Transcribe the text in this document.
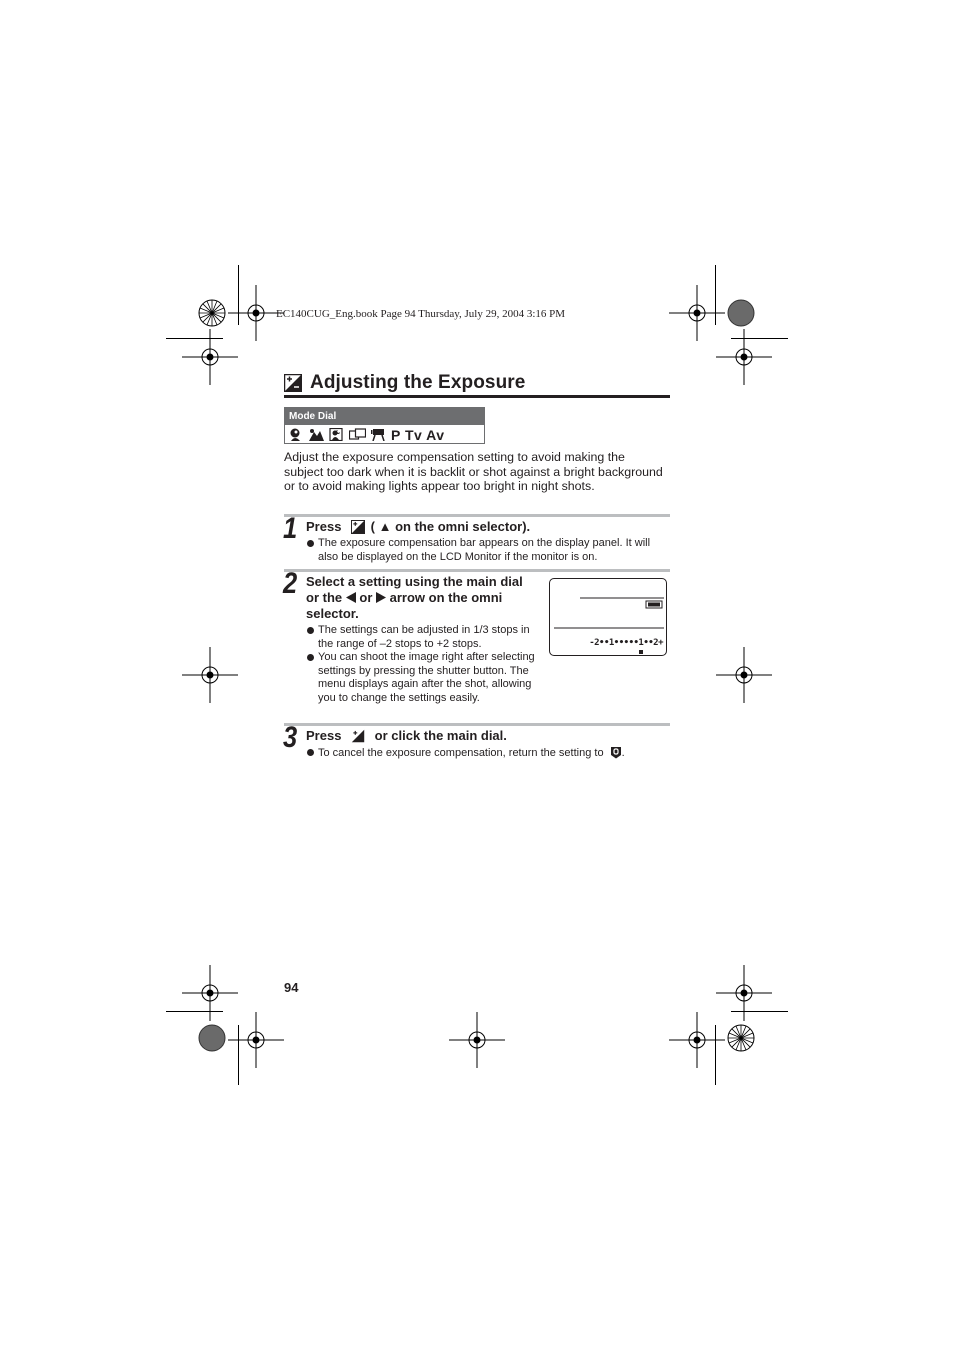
EC140CUG_Eng.book Page 94 Thursday, July 29, 2004 3:16 PM
Adjusting the Exposure
Mode Dial
P Tv Av
Adjust the exposure compensation setting to avoid making the subject too dark when it is backlit or shot against a bright background or to avoid making lights appear too bright in night shots.
1 Press ( ▲ on the omni selector).
The exposure compensation bar appears on the display panel. It will also be displayed on the LCD Monitor if the monitor is on.
2 Select a setting using the main dial or the or arrow on the omni selector.
The settings can be adjusted in 1/3 stops in the range of –2 stops to +2 stops.
You can shoot the image right after selecting settings by pressing the shutter button. The menu displays again after the shot, allowing you to change the settings easily.
-2••1•••••1••2+
3 Press	or click the main dial.
To cancel the exposure compensation, return the setting to .
94
